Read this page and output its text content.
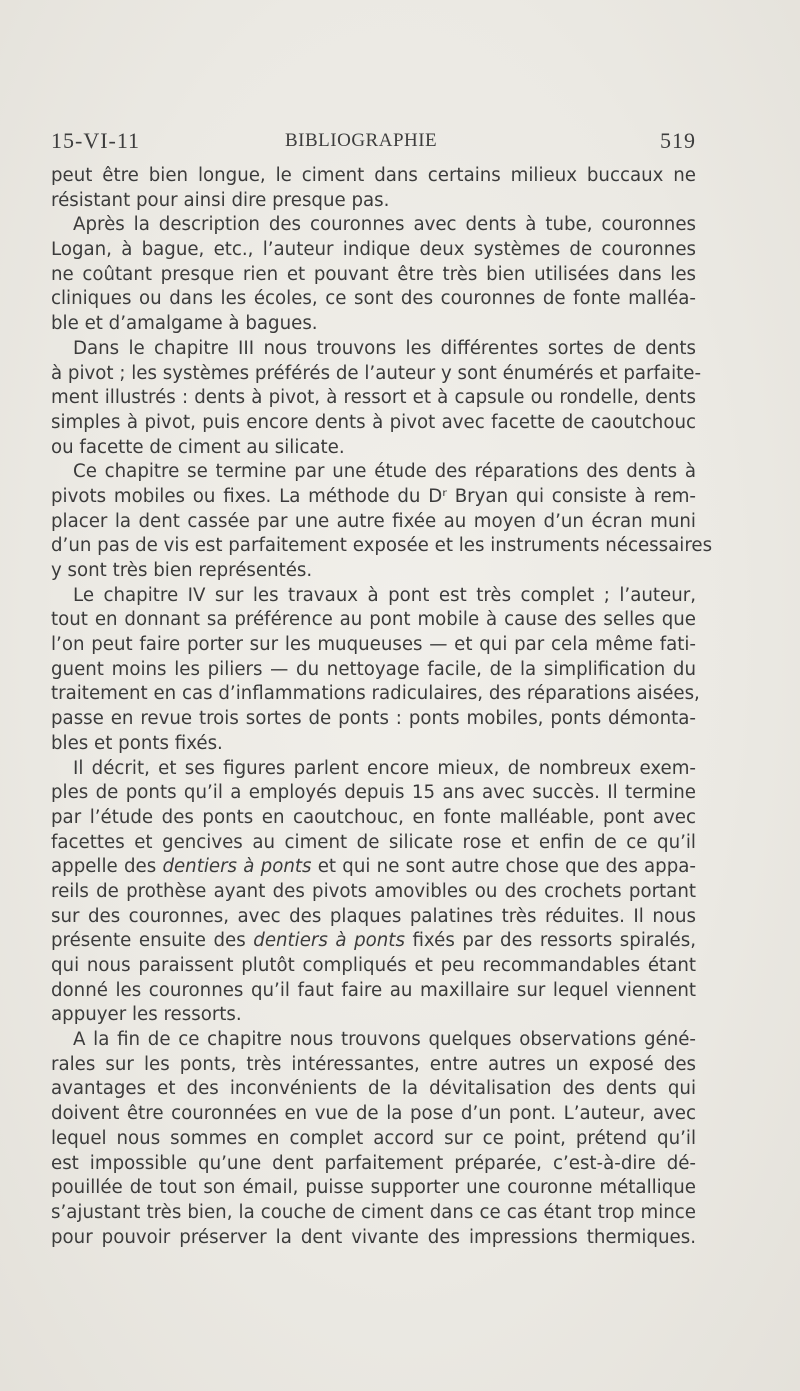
15-VI-11	BIBLIOGRAPHIE	519
peut être bien longue, le ciment dans certains milieux buccaux ne
résistant pour ainsi dire presque pas.
Après la description des couronnes avec dents à tube, couronnes
Logan, à bague, etc., l’auteur indique deux systèmes de couronnes
ne coûtant presque rien et pouvant être très bien utilisées dans les
cliniques ou dans les écoles, ce sont des couronnes de fonte malléa-
ble et d’amalgame à bagues.
Dans le chapitre III nous trouvons les différentes sortes de dents
à pivot ; les systèmes préférés de l’auteur y sont énumérés et parfaite-
ment illustrés : dents à pivot, à ressort et à capsule ou rondelle, dents
simples à pivot, puis encore dents à pivot avec facette de caoutchouc
ou facette de ciment au silicate.
Ce chapitre se termine par une étude des réparations des dents à
pivots mobiles ou fixes. La méthode du Dʳ Bryan qui consiste à rem-
placer la dent cassée par une autre fixée au moyen d’un écran muni
d’un pas de vis est parfaitement exposée et les instruments nécessaires
y sont très bien représentés.
Le chapitre IV sur les travaux à pont est très complet ; l’auteur,
tout en donnant sa préférence au pont mobile à cause des selles que
l’on peut faire porter sur les muqueuses — et qui par cela même fati-
guent moins les piliers — du nettoyage facile, de la simplification du
traitement en cas d’inflammations radiculaires, des réparations aisées,
passe en revue trois sortes de ponts : ponts mobiles, ponts démonta-
bles et ponts fixés.
Il décrit, et ses figures parlent encore mieux, de nombreux exem-
ples de ponts qu’il a employés depuis 15 ans avec succès. Il termine
par l’étude des ponts en caoutchouc, en fonte malléable, pont avec
facettes et gencives au ciment de silicate rose et enfin de ce qu’il
appelle des dentiers à ponts et qui ne sont autre chose que des appa-
reils de prothèse ayant des pivots amovibles ou des crochets portant
sur des couronnes, avec des plaques palatines très réduites. Il nous
présente ensuite des dentiers à ponts fixés par des ressorts spiralés,
qui nous paraissent plutôt compliqués et peu recommandables étant
donné les couronnes qu’il faut faire au maxillaire sur lequel viennent
appuyer les ressorts.
A la fin de ce chapitre nous trouvons quelques observations géné-
rales sur les ponts, très intéressantes, entre autres un exposé des
avantages et des inconvénients de la dévitalisation des dents qui
doivent être couronnées en vue de la pose d’un pont. L’auteur, avec
lequel nous sommes en complet accord sur ce point, prétend qu’il
est impossible qu’une dent parfaitement préparée, c’est-à-dire dé-
pouillée de tout son émail, puisse supporter une couronne métallique
s’ajustant très bien, la couche de ciment dans ce cas étant trop mince
pour pouvoir préserver la dent vivante des impressions thermiques.
